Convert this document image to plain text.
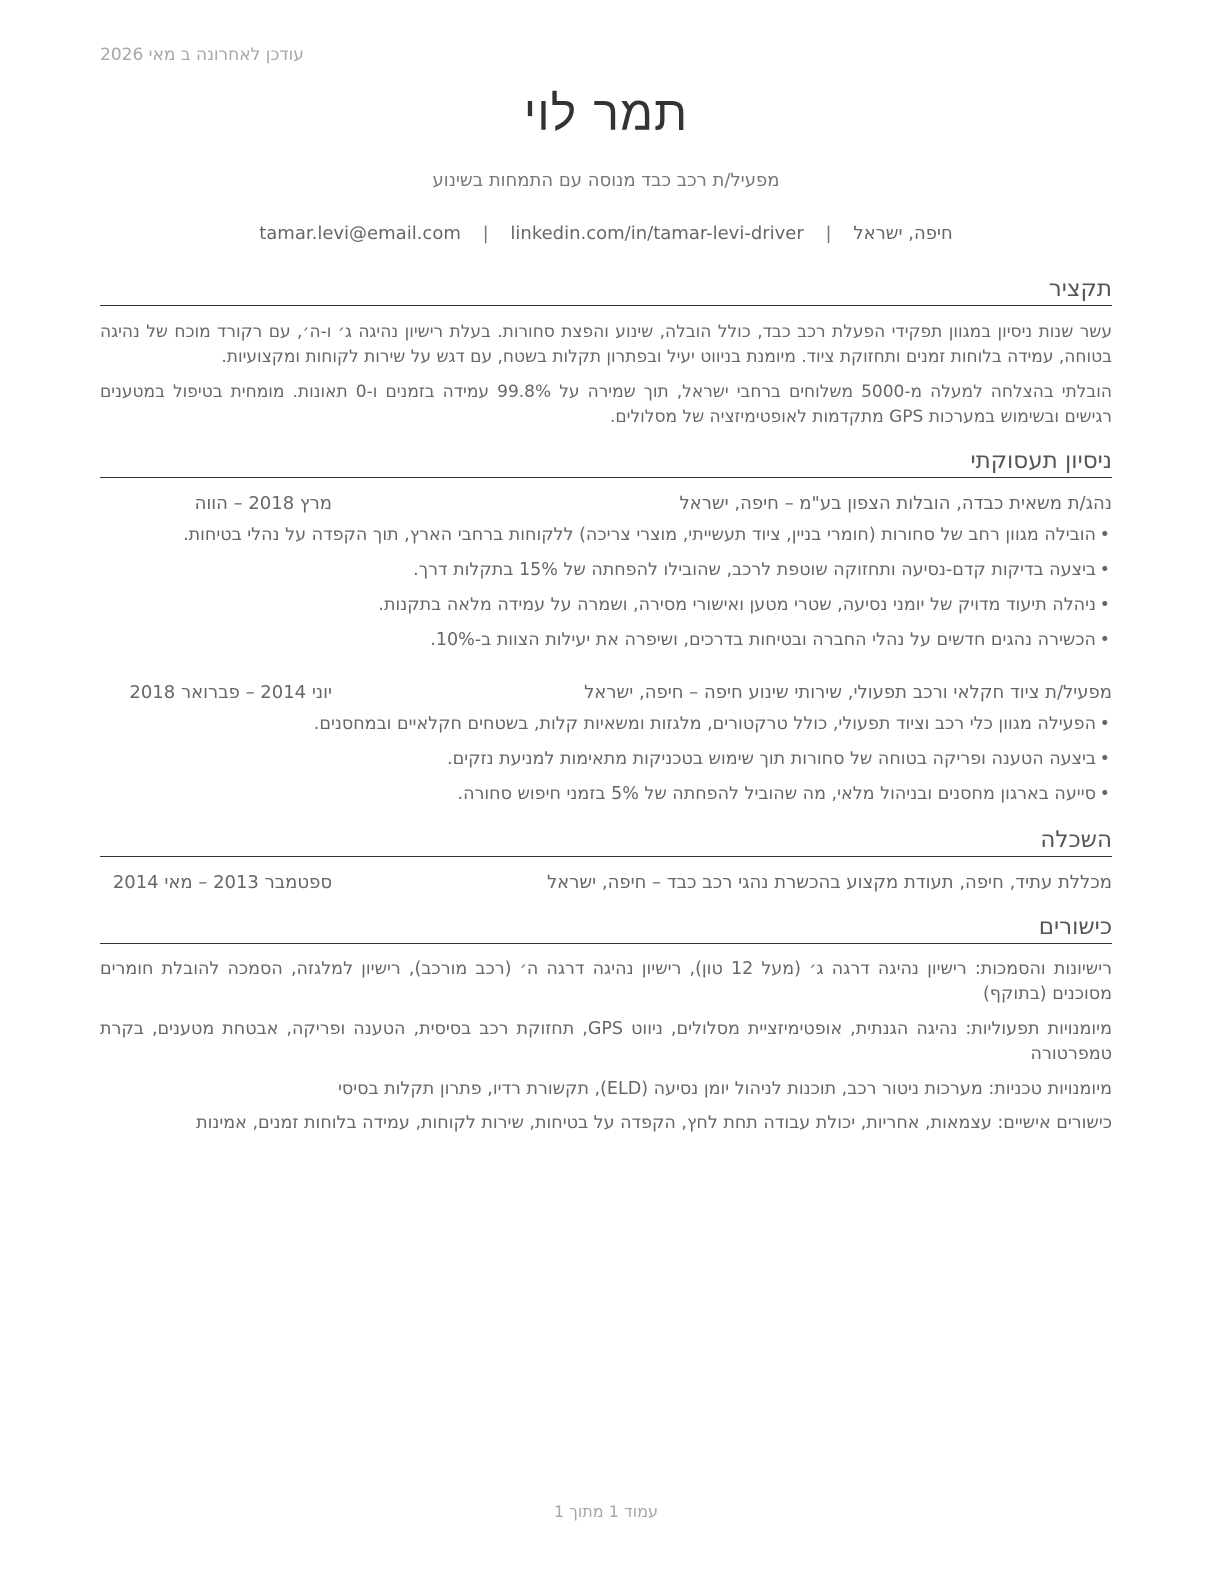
עודכן לאחרונה ב מאי 2026
תמר לוי
מפעיל/ת רכב כבד מנוסה עם התמחות בשינוע
חיפה, ישראל | tamar.levi@email.com | linkedin.com/in/tamar-levi-driver
תקציר
עשר שנות ניסיון במגוון תפקידי הפעלת רכב כבד, כולל הובלה, שינוע והפצת סחורות. בעלת רישיון נהיגה ג׳ ו-ה׳, עם רקורד מוכח של נהיגה בטוחה, עמידה בלוחות זמנים ותחזוקת ציוד. מיומנת בניווט יעיל ובפתרון תקלות בשטח, עם דגש על שירות לקוחות ומקצועיות.
הובלתי בהצלחה למעלה מ-5000 משלוחים ברחבי ישראל, תוך שמירה על 99.8% עמידה בזמנים ו-0 תאונות. מומחית בטיפול במטענים רגישים ובשימוש במערכות GPS מתקדמות לאופטימיזציה של מסלולים.
ניסיון תעסוקתי
נהג/ת משאית כבדה, הובלות הצפון בע"מ – חיפה, ישראל
מרץ 2018 – הווה
•
הובילה מגוון רחב של סחורות (חומרי בניין, ציוד תעשייתי, מוצרי צריכה) ללקוחות ברחבי הארץ, תוך הקפדה על נהלי בטיחות.
•
ביצעה בדיקות קדם-נסיעה ותחזוקה שוטפת לרכב, שהובילו להפחתה של 15% בתקלות דרך.
•
ניהלה תיעוד מדויק של יומני נסיעה, שטרי מטען ואישורי מסירה, ושמרה על עמידה מלאה בתקנות.
•
הכשירה נהגים חדשים על נהלי החברה ובטיחות בדרכים, ושיפרה את יעילות הצוות ב-10%.
מפעיל/ת ציוד חקלאי ורכב תפעולי, שירותי שינוע חיפה – חיפה, ישראל
יוני 2014 – פברואר 2018
•
הפעילה מגוון כלי רכב וציוד תפעולי, כולל טרקטורים, מלגזות ומשאיות קלות, בשטחים חקלאיים ובמחסנים.
•
ביצעה הטענה ופריקה בטוחה של סחורות תוך שימוש בטכניקות מתאימות למניעת נזקים.
•
סייעה בארגון מחסנים ובניהול מלאי, מה שהוביל להפחתה של 5% בזמני חיפוש סחורה.
השכלה
מכללת עתיד, חיפה, תעודת מקצוע בהכשרת נהגי רכב כבד – חיפה, ישראל
ספטמבר 2013 – מאי 2014
כישורים
רישיונות והסמכות: רישיון נהיגה דרגה ג׳ (מעל 12 טון), רישיון נהיגה דרגה ה׳ (רכב מורכב), רישיון למלגזה, הסמכה להובלת חומרים מסוכנים (בתוקף)
מיומנויות תפעוליות: נהיגה הגנתית, אופטימיזציית מסלולים, ניווט GPS, תחזוקת רכב בסיסית, הטענה ופריקה, אבטחת מטענים, בקרת טמפרטורה
מיומנויות טכניות: מערכות ניטור רכב, תוכנות לניהול יומן נסיעה (ELD), תקשורת רדיו, פתרון תקלות בסיסי
כישורים אישיים: עצמאות, אחריות, יכולת עבודה תחת לחץ, הקפדה על בטיחות, שירות לקוחות, עמידה בלוחות זמנים, אמינות
עמוד 1 מתוך 1
